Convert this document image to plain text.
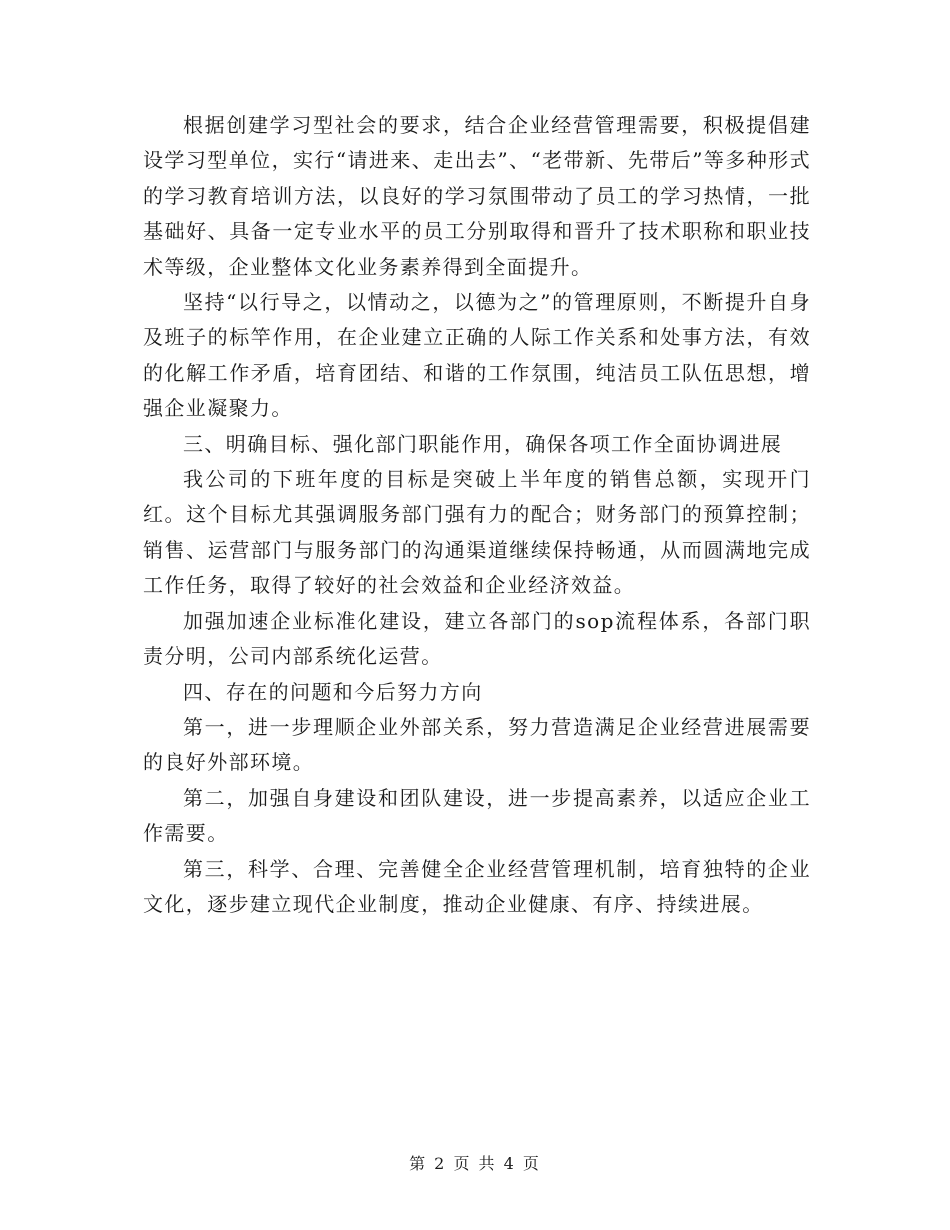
根据创建学习型社会的要求，结合企业经营管理需要，积极提倡建设学习型单位，实行“请进来、走出去”、“老带新、先带后”等多种形式的学习教育培训方法，以良好的学习氛围带动了员工的学习热情，一批基础好、具备一定专业水平的员工分别取得和晋升了技术职称和职业技术等级，企业整体文化业务素养得到全面提升。

坚持“以行导之，以情动之，以德为之”的管理原则，不断提升自身及班子的标竿作用，在企业建立正确的人际工作关系和处事方法，有效的化解工作矛盾，培育团结、和谐的工作氛围，纯洁员工队伍思想，增强企业凝聚力。

三、明确目标、强化部门职能作用，确保各项工作全面协调进展

我公司的下班年度的目标是突破上半年度的销售总额，实现开门红。这个目标尤其强调服务部门强有力的配合；财务部门的预算控制；销售、运营部门与服务部门的沟通渠道继续保持畅通，从而圆满地完成工作任务，取得了较好的社会效益和企业经济效益。

加强加速企业标准化建设，建立各部门的sop流程体系，各部门职责分明，公司内部系统化运营。

四、存在的问题和今后努力方向

第一，进一步理顺企业外部关系，努力营造满足企业经营进展需要的良好外部环境。

第二，加强自身建设和团队建设，进一步提高素养，以适应企业工作需要。

第三，科学、合理、完善健全企业经营管理机制，培育独特的企业文化，逐步建立现代企业制度，推动企业健康、有序、持续进展。

第 2 页 共 4 页
